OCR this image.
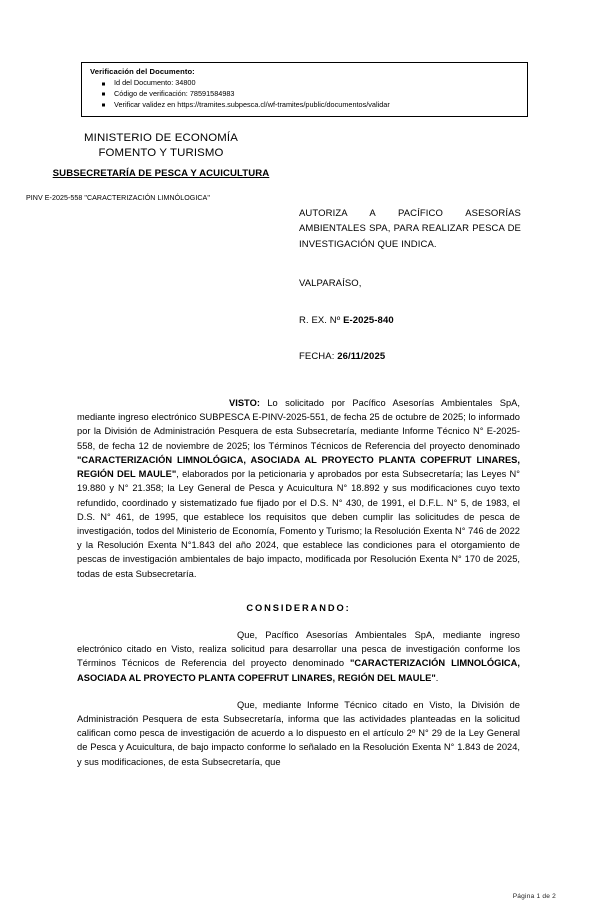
Verificación del Documento:
Id del Documento: 34800
Código de verificación: 78591584983
Verificar validez en https://tramites.subpesca.cl/wf-tramites/public/documentos/validar
MINISTERIO DE ECONOMÍA
FOMENTO Y TURISMO
SUBSECRETARÍA DE PESCA Y ACUICULTURA
PINV E-2025-558 "CARACTERIZACIÓN LIMNÓLOGICA"
AUTORIZA A PACÍFICO ASESORÍAS AMBIENTALES SPA, PARA REALIZAR PESCA DE INVESTIGACIÓN QUE INDICA.
VALPARAÍSO,
R. EX. Nº E-2025-840
FECHA: 26/11/2025

VISTO: Lo solicitado por Pacífico Asesorías Ambientales SpA, mediante ingreso electrónico SUBPESCA E-PINV-2025-551, de fecha 25 de octubre de 2025; lo informado por la División de Administración Pesquera de esta Subsecretaría, mediante Informe Técnico N° E-2025-558, de fecha 12 de noviembre de 2025; los Términos Técnicos de Referencia del proyecto denominado "CARACTERIZACIÓN LIMNOLÓGICA, ASOCIADA AL PROYECTO PLANTA COPEFRUT LINARES, REGIÓN DEL MAULE", elaborados por la peticionaria y aprobados por esta Subsecretaría; las Leyes N° 19.880 y N° 21.358; la Ley General de Pesca y Acuicultura N° 18.892 y sus modificaciones cuyo texto refundido, coordinado y sistematizado fue fijado por el D.S. N° 430, de 1991, el D.F.L. N° 5, de 1983, el D.S. N° 461, de 1995, que establece los requisitos que deben cumplir las solicitudes de pesca de investigación, todos del Ministerio de Economía, Fomento y Turismo; la Resolución Exenta N° 746 de 2022 y la Resolución Exenta N°1.843 del año 2024, que establece las condiciones para el otorgamiento de pescas de investigación ambientales de bajo impacto, modificada por Resolución Exenta N° 170 de 2025, todas de esta Subsecretaría.

CONSIDERANDO:

Que, Pacífico Asesorías Ambientales SpA, mediante ingreso electrónico citado en Visto, realiza solicitud para desarrollar una pesca de investigación conforme los Términos Técnicos de Referencia del proyecto denominado "CARACTERIZACIÓN LIMNOLÓGICA, ASOCIADA AL PROYECTO PLANTA COPEFRUT LINARES, REGIÓN DEL MAULE".

Que, mediante Informe Técnico citado en Visto, la División de Administración Pesquera de esta Subsecretaría, informa que las actividades planteadas en la solicitud califican como pesca de investigación de acuerdo a lo dispuesto en el artículo 2º N° 29 de la Ley General de Pesca y Acuicultura, de bajo impacto conforme lo señalado en la Resolución Exenta N° 1.843 de 2024, y sus modificaciones, de esta Subsecretaría, que

Página 1 de 2
